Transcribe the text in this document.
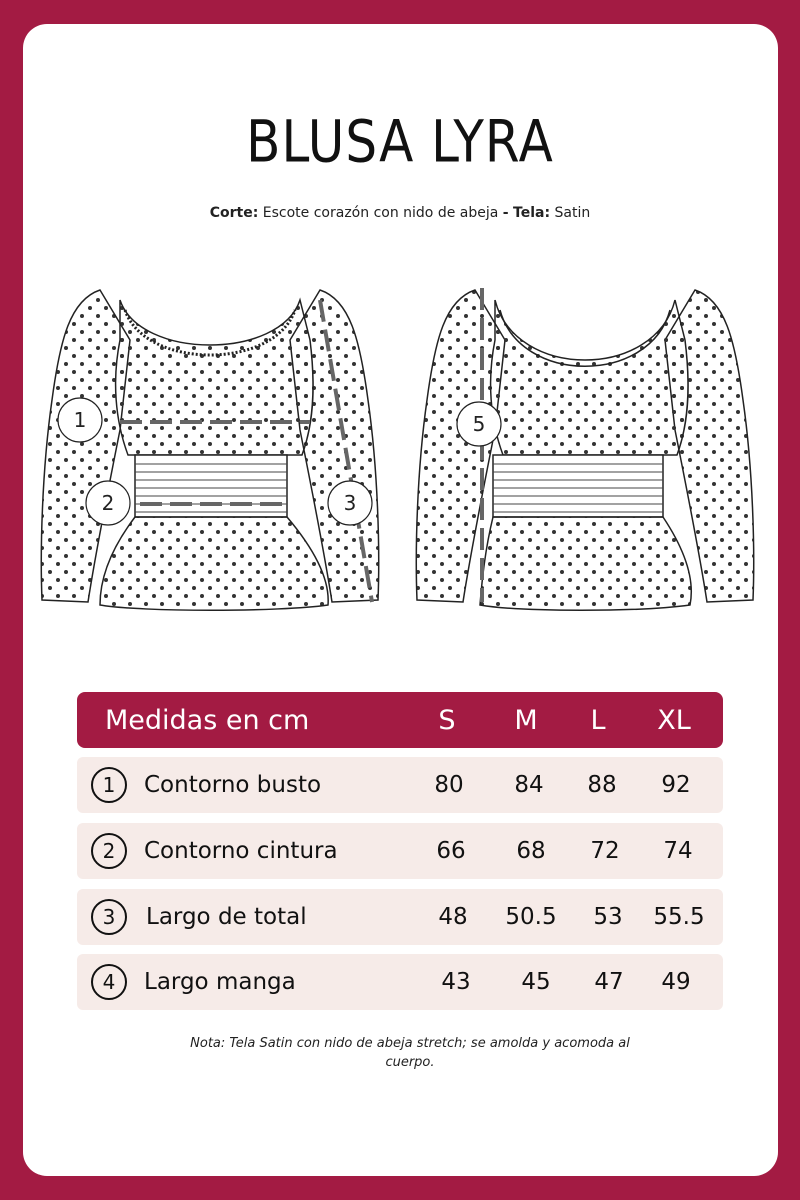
BLUSA LYRA
Corte: Escote corazón con nido de abeja - Tela: Satin
1
2	3
5
Medidas en cm	S	M	L	XL
1	Contorno busto	80	84	88	92
2	Contorno cintura	66	68	72	74
3	Largo de total	48	50.5	53	55.5
4	Largo manga	43	45	47	49
Nota: Tela Satin con nido de abeja stretch; se amolda y acomoda al cuerpo.
